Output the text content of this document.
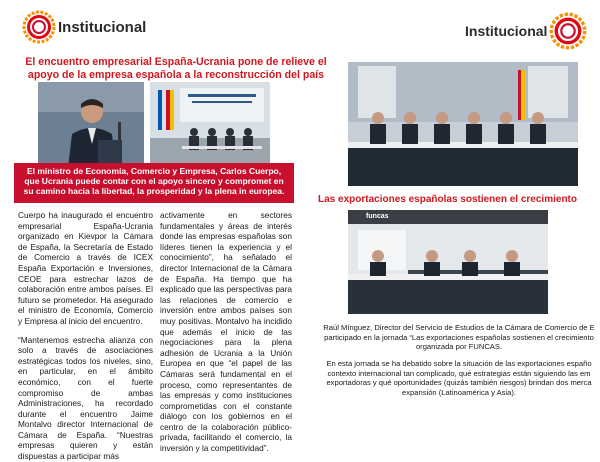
Institucional
El encuentro empresarial España-Ucrania pone de relieve el
apoyo de la empresa española a la reconstrucción del país
El ministro de Economía, Comercio y Empresa, Carlos Cuerpo, que Ucrania puede contar con el apoyo sincero y compromet en su camino hacia la libertad, la prosperidad y la plena in europea.

Cuerpo ha inaugurado el encuentro empresarial España-Ucrania organizado en Kievpor la Cámara de España, la Secretaría de Estado de Comercio a través de ICEX España Exportación e Inversiones, CEOE para estrechar lazos de colaboración entre ambos países. El futuro se prometedor. Ha asegurado el ministro de Economía, Comercio y Empresa al inicio del encuentro.

“Mantenemos estrecha alianza con solo a través de asociaciones estratégicas todos los niveles, sino, en particular, en el ámbito económico, con el fuerte compromiso de ambas Administraciones, ha recordado durante el encuentro Jaime Montalvo director Internacional de Cámara de España. “Nuestras empresas quieren y están dispuestas a participar más

activamente en sectores fundamentales y áreas de interés donde las empresas españolas son líderes tienen la experiencia y el conocimiento”, ha señalado el director Internacional de la Cámara de España. Ha tiempo que ha explicado que las perspectivas para las relaciones de comercio e inversión entre ambos países son muy positivas. Montalvo ha incidido que además el inicio de las negociaciones para la plena adhesión de Ucrania a la Unión Europea en que “el papel de las Cámaras será fundamental en el proceso, como representantes de las empresas y como instituciones comprometidas con el constante diálogo con los gobiernos en el centro de la colaboración público-privada, facilitando el comercio, la inversión y la competitividad”.

Institucional
Las exportaciones españolas sostienen el crecimiento
funcas
Raúl Mínguez, Director del Servicio de Estudios de la Cámara de Comercio de E
participado en la jornada “Las exportaciones españolas sostienen el crecimiento
organizada por FUNCAS.
En esta jornada se ha debatido sobre la situación de las exportaciones españo
contexto internacional tan complicado, qué estrategias están siguiendo las em
exportadoras y qué oportunidades (quizás también riesgos) brindan dos merca
expansión (Latinoamérica y Asia).
